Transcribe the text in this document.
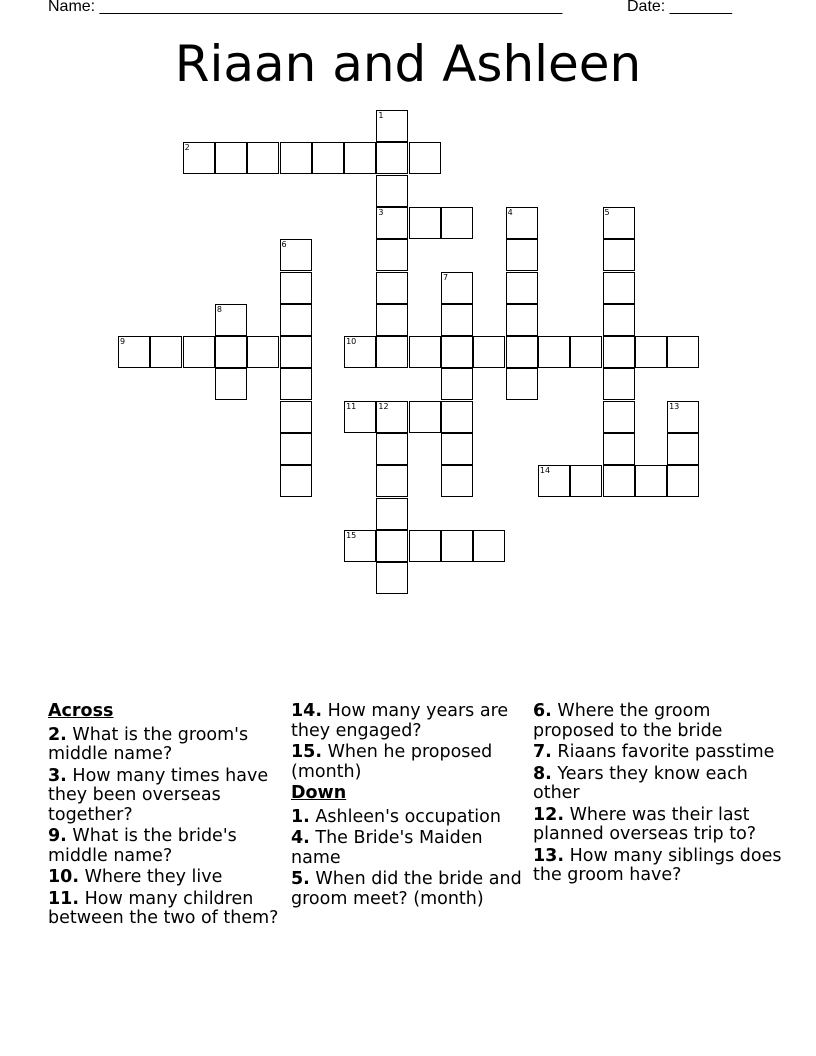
Name: ____________________________________________________	Date: _______
Riaan and Ashleen
1
3
2
4	5
6
7
8
9	10
11	12	13
14
15
Across
2. What is the groom's middle name?
3. How many times have they been overseas together?
9. What is the bride's middle name?
10. Where they live
11. How many children between the two of them?
14. How many years are they engaged?
15. When he proposed (month)
Down
1. Ashleen's occupation
4. The Bride's Maiden name
5. When did the bride and groom meet? (month)
6. Where the groom proposed to the bride
7. Riaans favorite passtime
8. Years they know each other
12. Where was their last planned overseas trip to?
13. How many siblings does the groom have?
